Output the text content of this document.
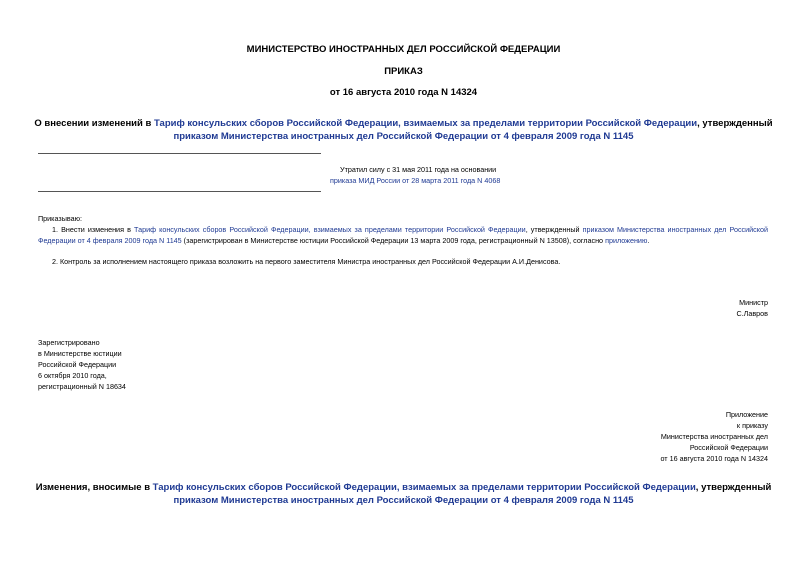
МИНИСТЕРСТВО ИНОСТРАННЫХ ДЕЛ РОССИЙСКОЙ ФЕДЕРАЦИИ
ПРИКАЗ
от 16 августа 2010 года N 14324
О внесении изменений в Тариф консульских сборов Российской Федерации, взимаемых за пределами территории Российской Федерации, утвержденный
приказом Министерства иностранных дел Российской Федерации от 4 февраля 2009 года N 1145
Утратил силу с 31 мая 2011 года на основании
приказа МИД России от 28 марта 2011 года N 4068
Приказываю:
1. Внести изменения в Тариф консульских сборов Российской Федерации, взимаемых за пределами территории Российской Федерации, утвержденный приказом Министерства иностранных дел Российской Федерации от 4 февраля 2009 года N 1145 (зарегистрирован в Министерстве юстиции Российской Федерации 13 марта 2009 года, регистрационный N 13508), согласно приложению.
2. Контроль за исполнением настоящего приказа возложить на первого заместителя Министра иностранных дел Российской Федерации А.И.Денисова.
Министр
С.Лавров
Зарегистрировано
в Министерстве юстиции
Российской Федерации
6 октября 2010 года,
регистрационный N 18634
Приложение
к приказу
Министерства иностранных дел
Российской Федерации
от 16 августа 2010 года N 14324
Изменения, вносимые в Тариф консульских сборов Российской Федерации, взимаемых за пределами территории Российской Федерации, утвержденный
приказом Министерства иностранных дел Российской Федерации от 4 февраля 2009 года N 1145
